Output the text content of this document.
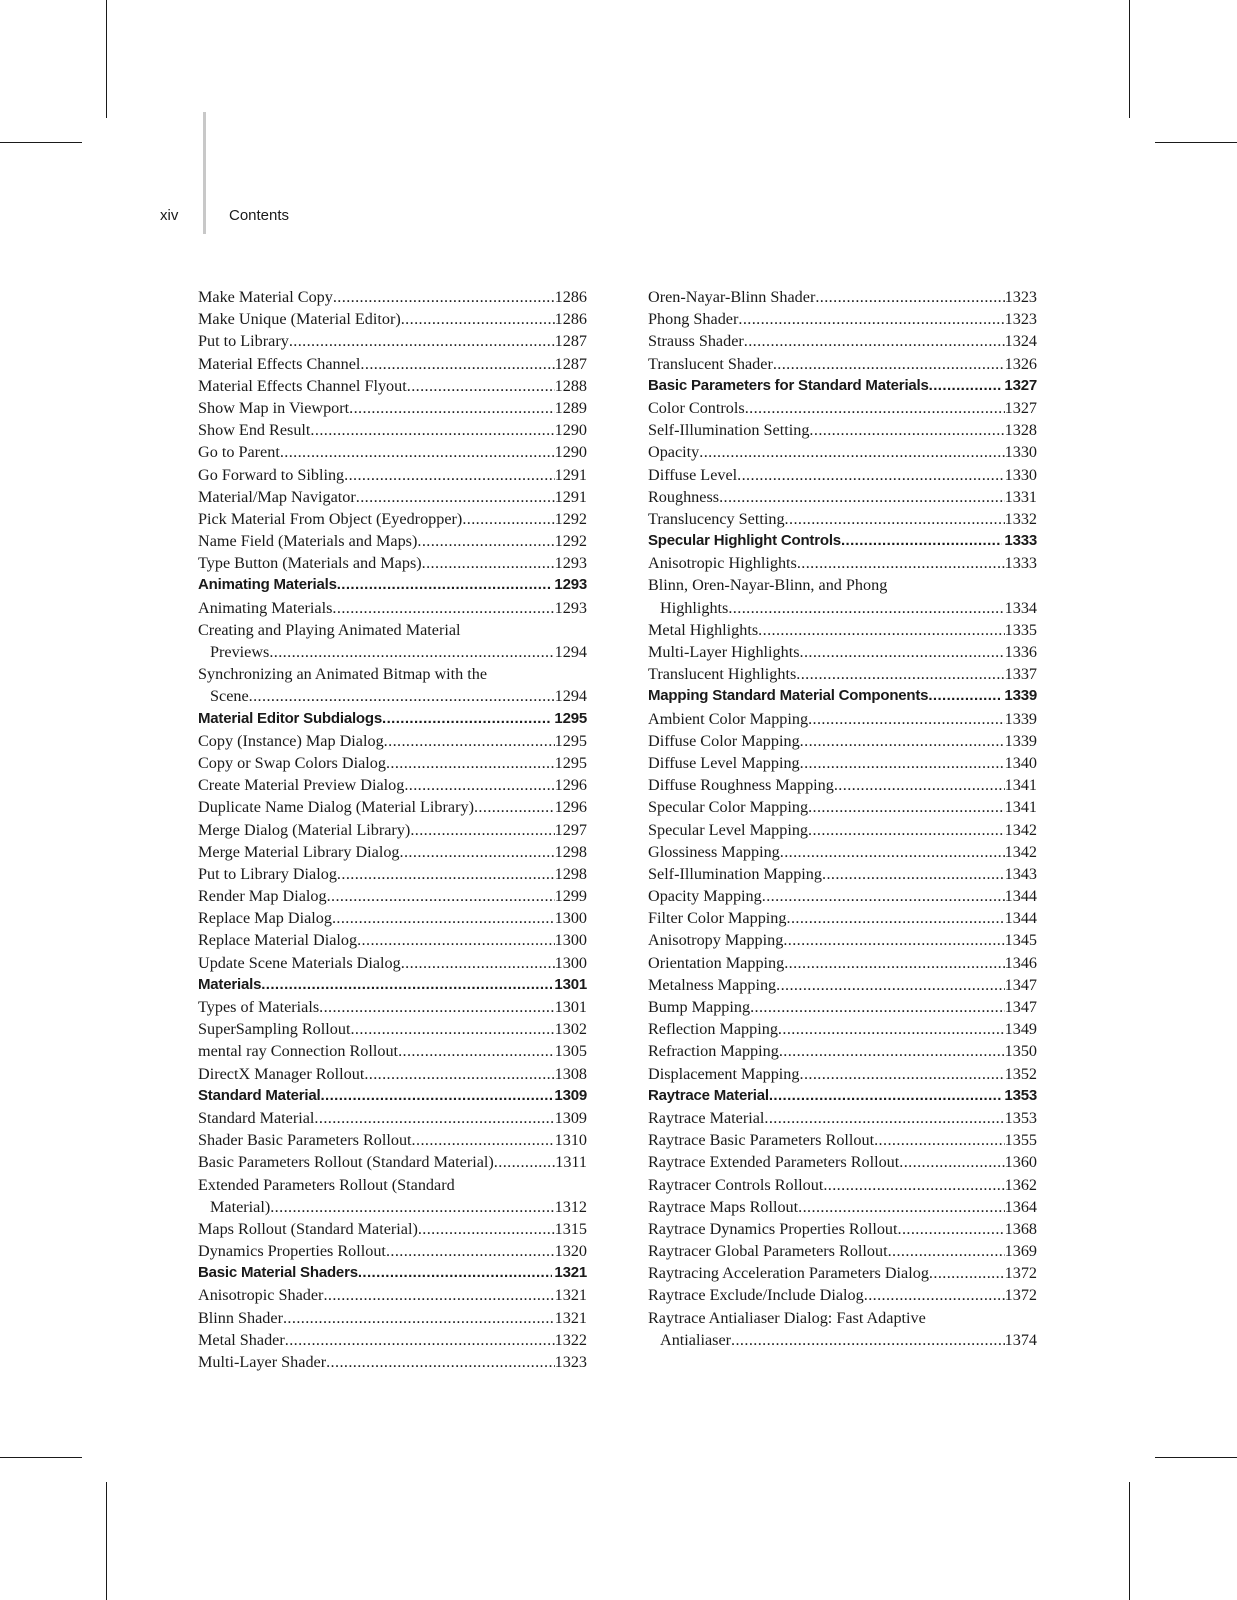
xiv	Contents
Make Material Copy .....	1286
Make Unique (Material Editor) .....	1286
Put to Library .....	1287
Material Effects Channel .....	1287
Material Effects Channel Flyout .....	1288
Show Map in Viewport .....	1289
Show End Result .....	1290
Go to Parent .....	1290
Go Forward to Sibling .....	1291
Material/Map Navigator .....	1291
Pick Material From Object (Eyedropper) .....	1292
Name Field (Materials and Maps) .....	1292
Type Button (Materials and Maps) .....	1293
Animating Materials .....	1293
Animating Materials .....	1293
Creating and Playing Animated Material
Previews .....	1294
Synchronizing an Animated Bitmap with the
Scene .....	1294
Material Editor Subdialogs .....	1295
Copy (Instance) Map Dialog .....	1295
Copy or Swap Colors Dialog .....	1295
Create Material Preview Dialog .....	1296
Duplicate Name Dialog (Material Library) .....	1296
Merge Dialog (Material Library) .....	1297
Merge Material Library Dialog .....	1298
Put to Library Dialog .....	1298
Render Map Dialog .....	1299
Replace Map Dialog .....	1300
Replace Material Dialog .....	1300
Update Scene Materials Dialog .....	1300
Materials .....	1301
Types of Materials .....	1301
SuperSampling Rollout .....	1302
mental ray Connection Rollout .....	1305
DirectX Manager Rollout .....	1308
Standard Material .....	1309
Standard Material .....	1309
Shader Basic Parameters Rollout .....	1310
Basic Parameters Rollout (Standard Material) .....	1311
Extended Parameters Rollout (Standard
Material) .....	1312
Maps Rollout (Standard Material) .....	1315
Dynamics Properties Rollout .....	1320
Basic Material Shaders .....	1321
Anisotropic Shader .....	1321
Blinn Shader .....	1321
Metal Shader .....	1322
Multi-Layer Shader .....	1323
Oren-Nayar-Blinn Shader .....	1323
Phong Shader .....	1323
Strauss Shader .....	1324
Translucent Shader .....	1326
Basic Parameters for Standard Materials .....	1327
Color Controls .....	1327
Self-Illumination Setting .....	1328
Opacity .....	1330
Diffuse Level .....	1330
Roughness .....	1331
Translucency Setting .....	1332
Specular Highlight Controls .....	1333
Anisotropic Highlights .....	1333
Blinn, Oren-Nayar-Blinn, and Phong
Highlights .....	1334
Metal Highlights .....	1335
Multi-Layer Highlights .....	1336
Translucent Highlights .....	1337
Mapping Standard Material Components .....	1339
Ambient Color Mapping .....	1339
Diffuse Color Mapping .....	1339
Diffuse Level Mapping .....	1340
Diffuse Roughness Mapping .....	1341
Specular Color Mapping .....	1341
Specular Level Mapping .....	1342
Glossiness Mapping .....	1342
Self-Illumination Mapping .....	1343
Opacity Mapping .....	1344
Filter Color Mapping .....	1344
Anisotropy Mapping .....	1345
Orientation Mapping .....	1346
Metalness Mapping .....	1347
Bump Mapping .....	1347
Reflection Mapping .....	1349
Refraction Mapping .....	1350
Displacement Mapping .....	1352
Raytrace Material .....	1353
Raytrace Material .....	1353
Raytrace Basic Parameters Rollout .....	1355
Raytrace Extended Parameters Rollout .....	1360
Raytracer Controls Rollout .....	1362
Raytrace Maps Rollout .....	1364
Raytrace Dynamics Properties Rollout .....	1368
Raytracer Global Parameters Rollout .....	1369
Raytracing Acceleration Parameters Dialog .....	1372
Raytrace Exclude/Include Dialog .....	1372
Raytrace Antialiaser Dialog: Fast Adaptive
Antialiaser .....	1374
